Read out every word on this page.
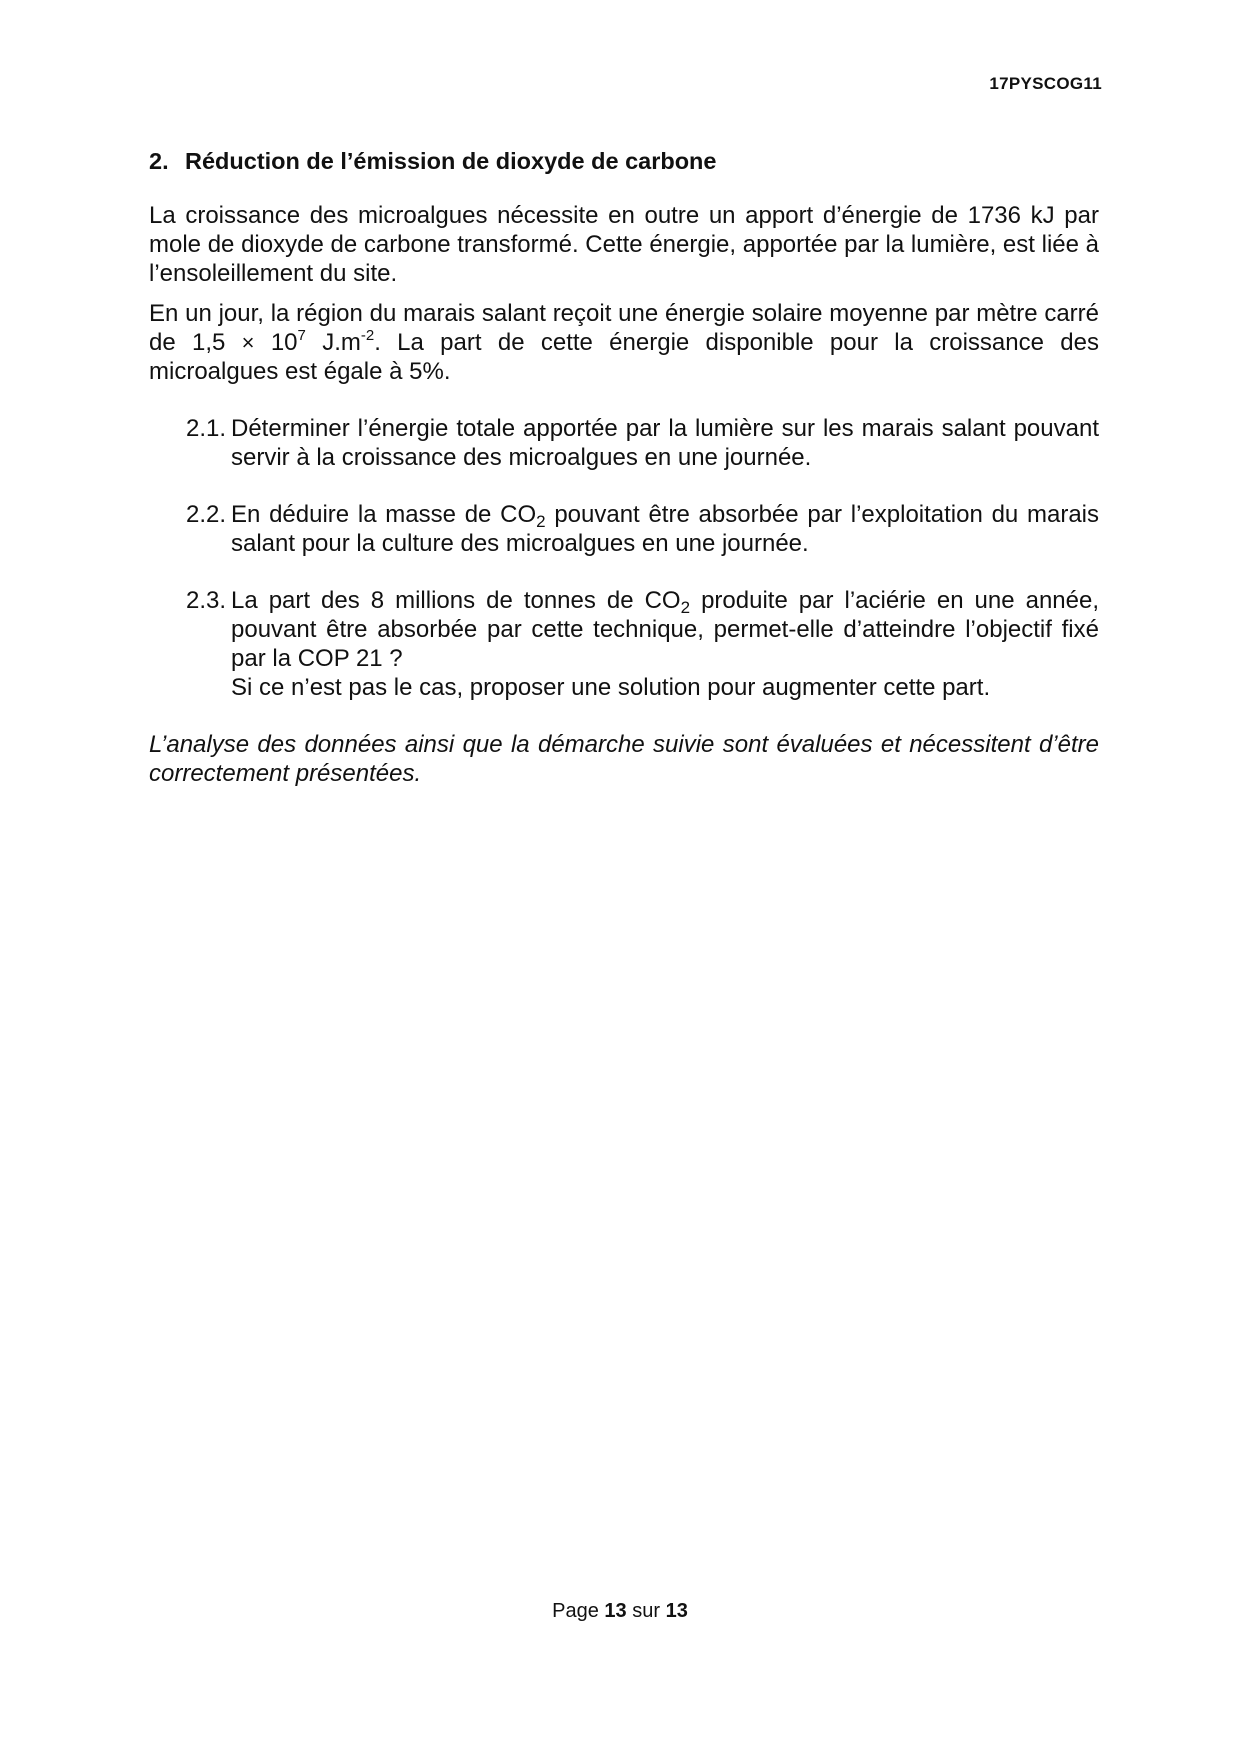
17PYSCOG11
2. Réduction de l’émission de dioxyde de carbone

La croissance des microalgues nécessite en outre un apport d’énergie de 1736 kJ par mole de dioxyde de carbone transformé. Cette énergie, apportée par la lumière, est liée à l’ensoleillement du site.

En un jour, la région du marais salant reçoit une énergie solaire moyenne par mètre carré de $1,5 \times 10^7$ $J.m^{-2}$. La part de cette énergie disponible pour la croissance des microalgues est égale à 5%.

2.1. Déterminer l’énergie totale apportée par la lumière sur les marais salant pouvant servir à la croissance des microalgues en une journée.
2.2. En déduire la masse de $CO_2$ pouvant être absorbée par l’exploitation du marais salant pour la culture des microalgues en une journée.
2.3. La part des 8 millions de tonnes de $CO_2$ produite par l’aciérie en une année, pouvant être absorbée par cette technique, permet-elle d’atteindre l’objectif fixé par la COP 21 ?
Si ce n’est pas le cas, proposer une solution pour augmenter cette part.

L’analyse des données ainsi que la démarche suivie sont évaluées et nécessitent d’être correctement présentées.

Page 13 sur 13
